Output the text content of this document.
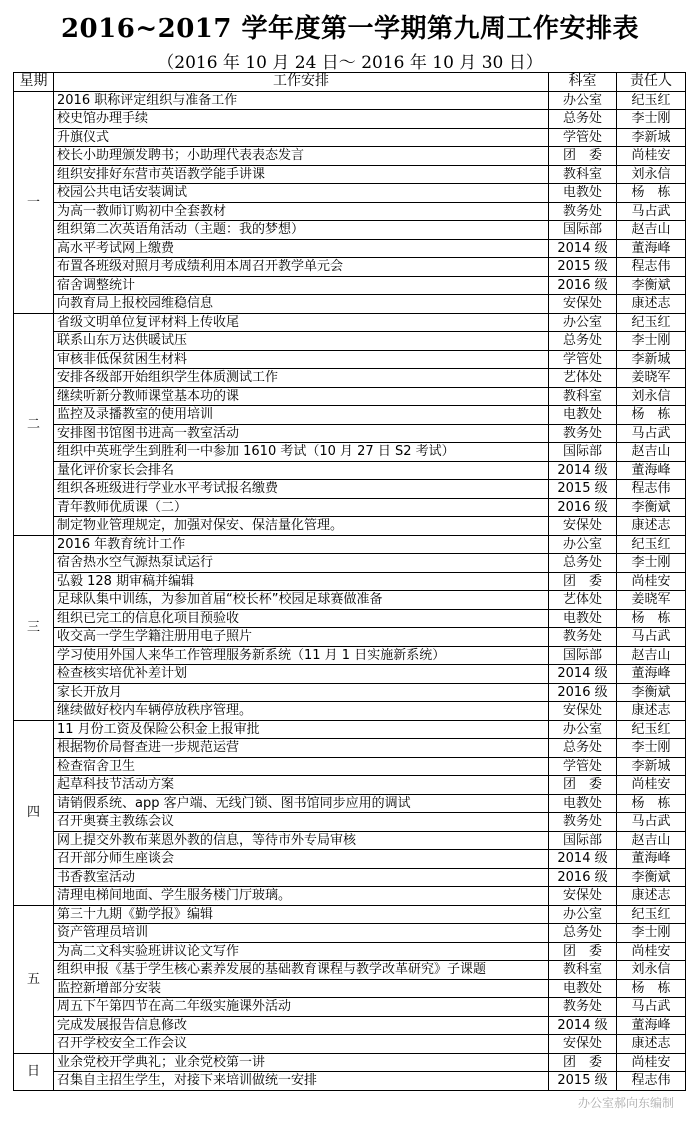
2016~2017 学年度第一学期第九周工作安排表
（2016 年 10 月 24 日～ 2016 年 10 月 30 日）
星期	工作安排	科室	责任人
一	2016 职称评定组织与准备工作	办公室	纪玉红
	校史馆办理手续	总务处	李士刚
	升旗仪式	学管处	李新城
	校长小助理颁发聘书；小助理代表表态发言	团　委	尚桂安
	组织安排好东营市英语教学能手讲课	教科室	刘永信
	校园公共电话安装调试	电教处	杨　栋
	为高一教师订购初中全套教材	教务处	马占武
	组织第二次英语角活动（主题：我的梦想）	国际部	赵吉山
	高水平考试网上缴费	2014 级	董海峰
	布置各班级对照月考成绩利用本周召开教学单元会	2015 级	程志伟
	宿舍调整统计	2016 级	李衡斌
	向教育局上报校园维稳信息	安保处	康述志
二	省级文明单位复评材料上传收尾	办公室	纪玉红
	联系山东万达供暖试压	总务处	李士刚
	审核非低保贫困生材料	学管处	李新城
	安排各级部开始组织学生体质测试工作	艺体处	姜晓军
	继续听新分教师课堂基本功的课	教科室	刘永信
	监控及录播教室的使用培训	电教处	杨　栋
	安排图书馆图书进高一教室活动	教务处	马占武
	组织中英班学生到胜利一中参加 1610 考试（10 月 27 日 S2 考试）	国际部	赵吉山
	量化评价家长会排名	2014 级	董海峰
	组织各班级进行学业水平考试报名缴费	2015 级	程志伟
	青年教师优质课（二）	2016 级	李衡斌
	制定物业管理规定，加强对保安、保洁量化管理。	安保处	康述志
三	2016 年教育统计工作	办公室	纪玉红
	宿舍热水空气源热泵试运行	总务处	李士刚
	弘毅 128 期审稿并编辑	团　委	尚桂安
	足球队集中训练，为参加首届“校长杯”校园足球赛做准备	艺体处	姜晓军
	组织已完工的信息化项目预验收	电教处	杨　栋
	收交高一学生学籍注册用电子照片	教务处	马占武
	学习使用外国人来华工作管理服务新系统（11 月 1 日实施新系统）	国际部	赵吉山
	检查核实培优补差计划	2014 级	董海峰
	家长开放月	2016 级	李衡斌
	继续做好校内车辆停放秩序管理。	安保处	康述志
四	11 月份工资及保险公积金上报审批	办公室	纪玉红
	根据物价局督查进一步规范运营	总务处	李士刚
	检查宿舍卫生	学管处	李新城
	起草科技节活动方案	团　委	尚桂安
	请销假系统、app 客户端、无线门锁、图书馆同步应用的调试	电教处	杨　栋
	召开奥赛主教练会议	教务处	马占武
	网上提交外教布莱恩外教的信息，等待市外专局审核	国际部	赵吉山
	召开部分师生座谈会	2014 级	董海峰
	书香教室活动	2016 级	李衡斌
	清理电梯间地面、学生服务楼门厅玻璃。	安保处	康述志
五	第三十九期《勤学报》编辑	办公室	纪玉红
	资产管理员培训	总务处	李士刚
	为高二文科实验班讲议论文写作	团　委	尚桂安
	组织申报《基于学生核心素养发展的基础教育课程与教学改革研究》子课题	教科室	刘永信
	监控新增部分安装	电教处	杨　栋
	周五下午第四节在高二年级实施课外活动	教务处	马占武
	完成发展报告信息修改	2014 级	董海峰
	召开学校安全工作会议	安保处	康述志
日	业余党校开学典礼；业余党校第一讲	团　委	尚桂安
	召集自主招生学生，对接下来培训做统一安排	2015 级	程志伟
办公室郝向东编制
